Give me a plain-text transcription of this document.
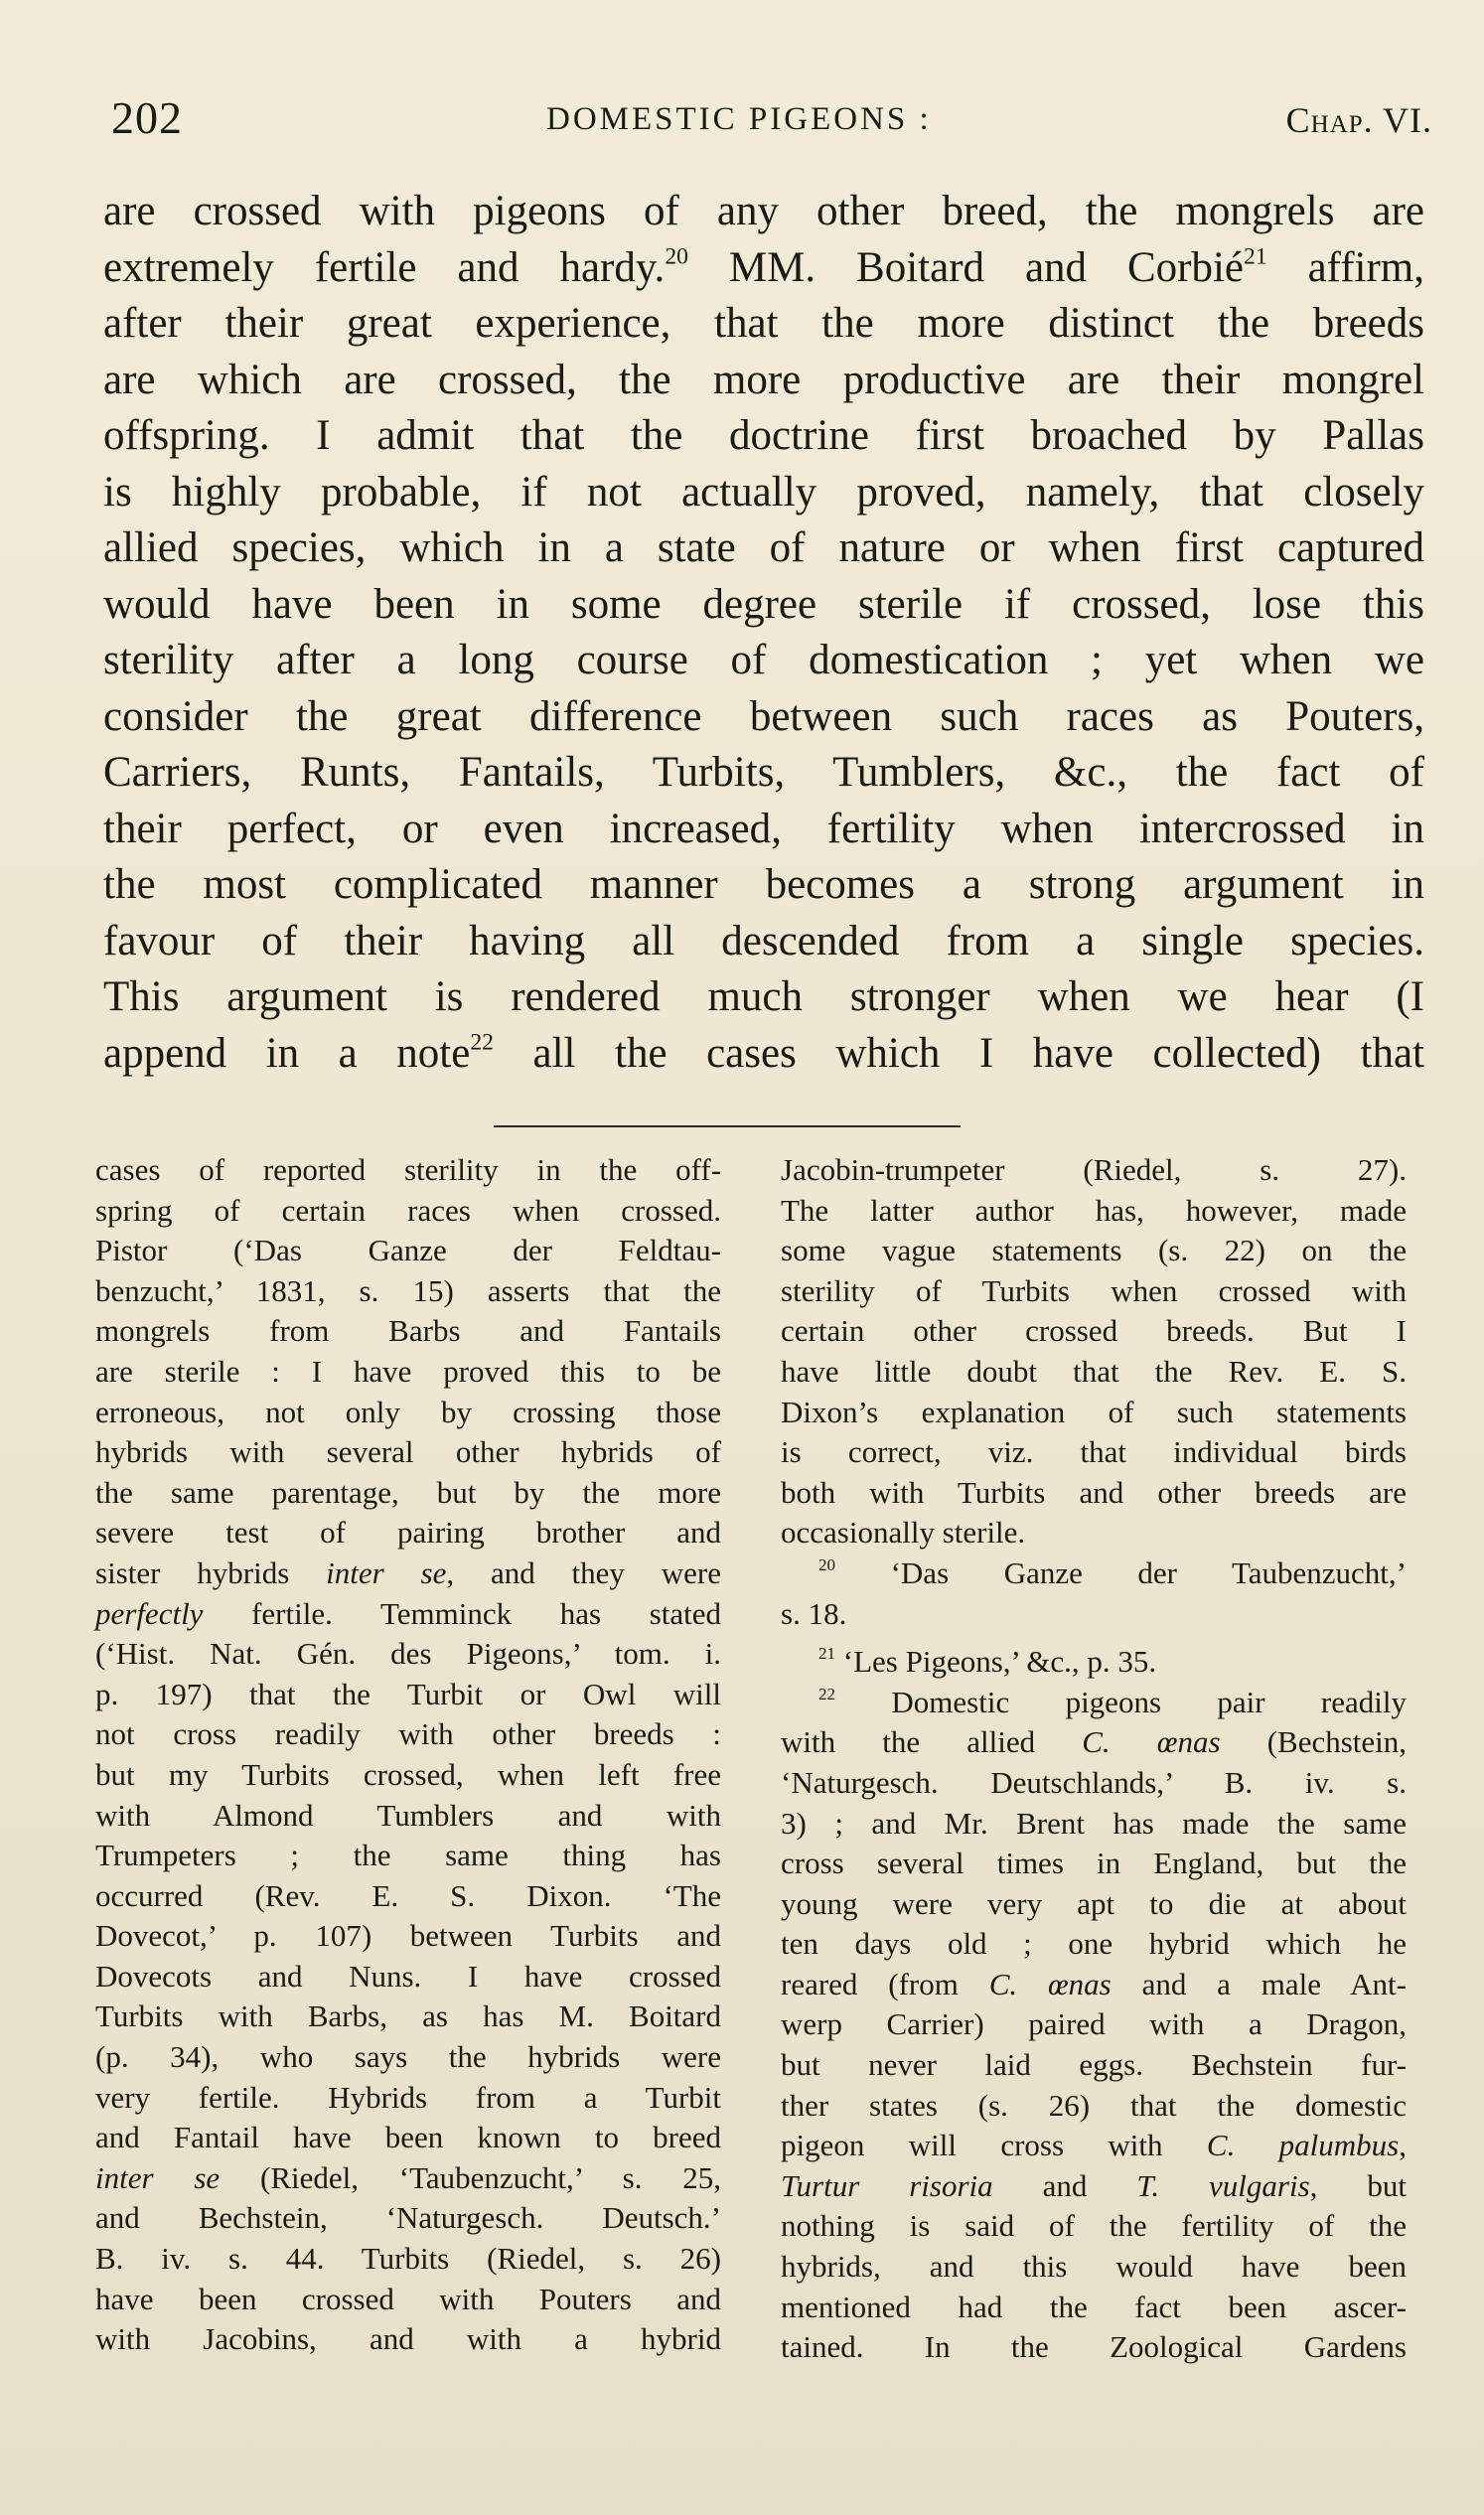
202	DOMESTIC PIGEONS :	Chap. VI.
are crossed with pigeons of any other breed, the mongrels are
extremely fertile and hardy.$^{20}$ MM. Boitard and Corbié$^{21}$ affirm,
after their great experience, that the more distinct the breeds
are which are crossed, the more productive are their mongrel
offspring. I admit that the doctrine first broached by Pallas
is highly probable, if not actually proved, namely, that closely
allied species, which in a state of nature or when first captured
would have been in some degree sterile if crossed, lose this
sterility after a long course of domestication ; yet when we
consider the great difference between such races as Pouters,
Carriers, Runts, Fantails, Turbits, Tumblers, &c., the fact of
their perfect, or even increased, fertility when intercrossed in
the most complicated manner becomes a strong argument in
favour of their having all descended from a single species.
This argument is rendered much stronger when we hear (I
append in a note$^{22}$ all the cases which I have collected) that
cases of reported sterility in the off-
spring of certain races when crossed.
Pistor (‘Das Ganze der Feldtau-
benzucht,’ 1831, s. 15) asserts that the
mongrels from Barbs and Fantails
are sterile : I have proved this to be
erroneous, not only by crossing those
hybrids with several other hybrids of
the same parentage, but by the more
severe test of pairing brother and
sister hybrids inter se, and they were
perfectly fertile. Temminck has stated
(‘Hist. Nat. Gén. des Pigeons,’ tom. i.
p. 197) that the Turbit or Owl will
not cross readily with other breeds :
but my Turbits crossed, when left free
with Almond Tumblers and with
Trumpeters ; the same thing has
occurred (Rev. E. S. Dixon. ‘The
Dovecot,’ p. 107) between Turbits and
Dovecots and Nuns. I have crossed
Turbits with Barbs, as has M. Boitard
(p. 34), who says the hybrids were
very fertile. Hybrids from a Turbit
and Fantail have been known to breed
inter se (Riedel, ‘Taubenzucht,’ s. 25,
and Bechstein, ‘Naturgesch. Deutsch.’
B. iv. s. 44. Turbits (Riedel, s. 26)
have been crossed with Pouters and
with Jacobins, and with a hybrid
Jacobin-trumpeter (Riedel, s. 27).
The latter author has, however, made
some vague statements (s. 22) on the
sterility of Turbits when crossed with
certain other crossed breeds. But I
have little doubt that the Rev. E. S.
Dixon’s explanation of such statements
is correct, viz. that individual birds
both with Turbits and other breeds are
occasionally sterile.
$^{20}$ ‘Das Ganze der Taubenzucht,’
s. 18.
$^{21}$ ‘Les Pigeons,’ &c., p. 35.
$^{22}$ Domestic pigeons pair readily
with the allied C. œnas (Bechstein,
‘Naturgesch. Deutschlands,’ B. iv. s.
3) ; and Mr. Brent has made the same
cross several times in England, but the
young were very apt to die at about
ten days old ; one hybrid which he
reared (from C. œnas and a male Ant-
werp Carrier) paired with a Dragon,
but never laid eggs. Bechstein fur-
ther states (s. 26) that the domestic
pigeon will cross with C. palumbus,
Turtur risoria and T. vulgaris, but
nothing is said of the fertility of the
hybrids, and this would have been
mentioned had the fact been ascer-
tained. In the Zoological Gardens
